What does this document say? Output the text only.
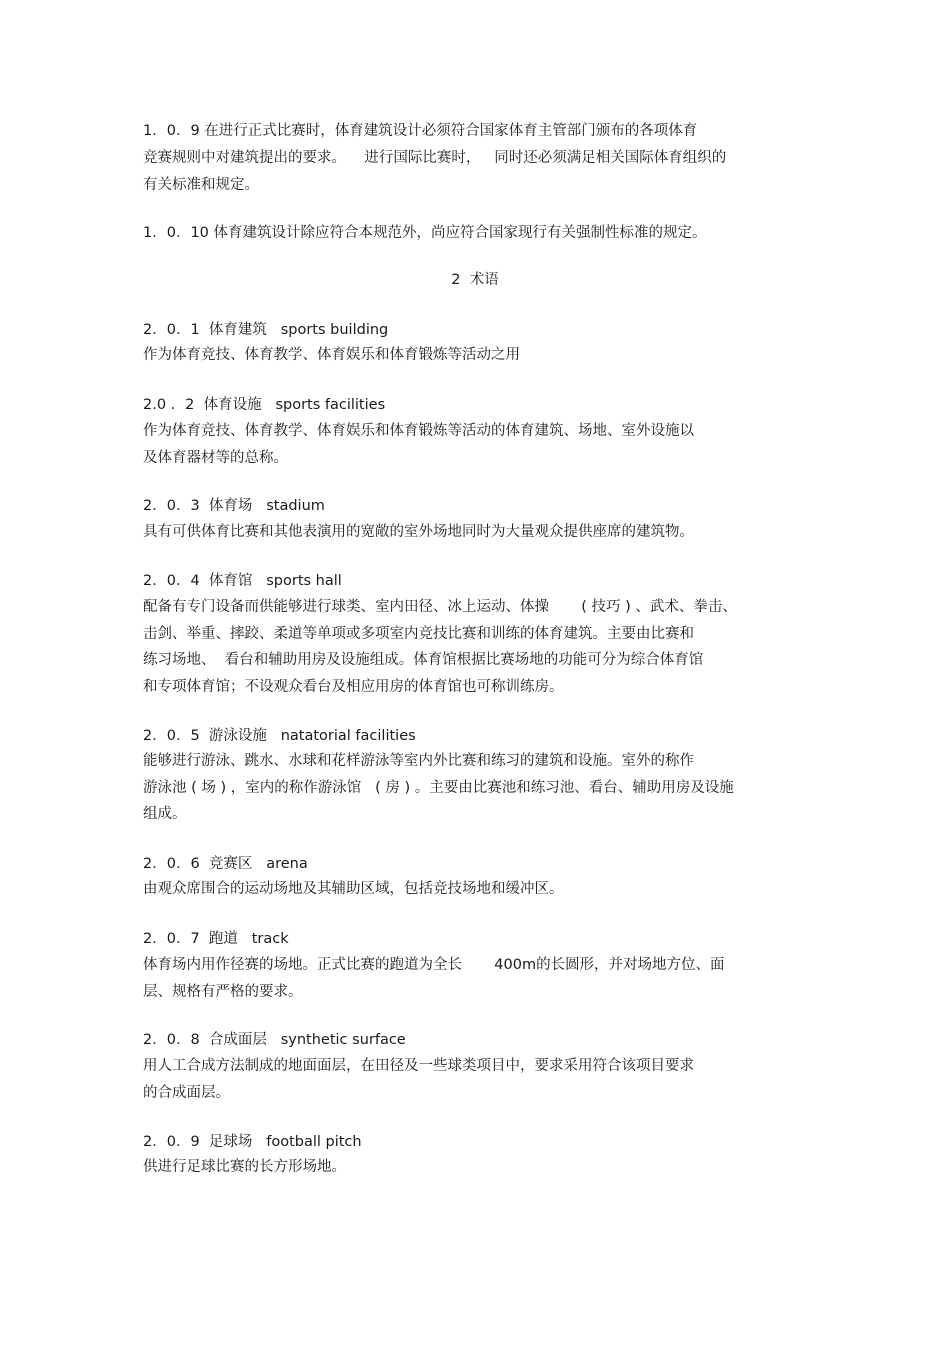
1．0．9 在进行正式比赛时，体育建筑设计必须符合国家体育主管部门颁布的各项体育

竞赛规则中对建筑提出的要求。    进行国际比赛时，   同时还必须满足相关国际体育组织的

有关标准和规定。

1．0．10 体育建筑设计除应符合本规范外，尚应符合国家现行有关强制性标准的规定。

2  术语

2．0．1  体育建筑   sports building

作为体育竞技、体育教学、体育娱乐和体育锻炼等活动之用

2.0 ．2  体育设施   sports facilities

作为体育竞技、体育教学、体育娱乐和体育锻炼等活动的体育建筑、场地、室外设施以

及体育器材等的总称。

2．0．3  体育场   stadium

具有可供体育比赛和其他表演用的宽敞的室外场地同时为大量观众提供座席的建筑物。

2．0．4  体育馆   sports hall

配备有专门设备而供能够进行球类、室内田径、冰上运动、体操       ( 技巧 ) 、武术、拳击、

击剑、举重、摔跤、柔道等单项或多项室内竞技比赛和训练的体育建筑。主要由比赛和

练习场地、  看台和辅助用房及设施组成。体育馆根据比赛场地的功能可分为综合体育馆

和专项体育馆；不设观众看台及相应用房的体育馆也可称训练房。

2．0．5  游泳设施   natatorial facilities

能够进行游泳、跳水、水球和花样游泳等室内外比赛和练习的建筑和设施。室外的称作

游泳池 ( 场 ) ，室内的称作游泳馆   ( 房 ) 。主要由比赛池和练习池、看台、辅助用房及设施

组成。

2．0．6  竞赛区   arena

由观众席围合的运动场地及其辅助区域，包括竞技场地和缓冲区。

2．0．7  跑道   track

体育场内用作径赛的场地。正式比赛的跑道为全长       400m的长圆形，并对场地方位、面

层、规格有严格的要求。

2．0．8  合成面层   synthetic surface

用人工合成方法制成的地面面层，在田径及一些球类项目中，要求采用符合该项目要求

的合成面层。

2．0．9  足球场   football pitch

供进行足球比赛的长方形场地。
